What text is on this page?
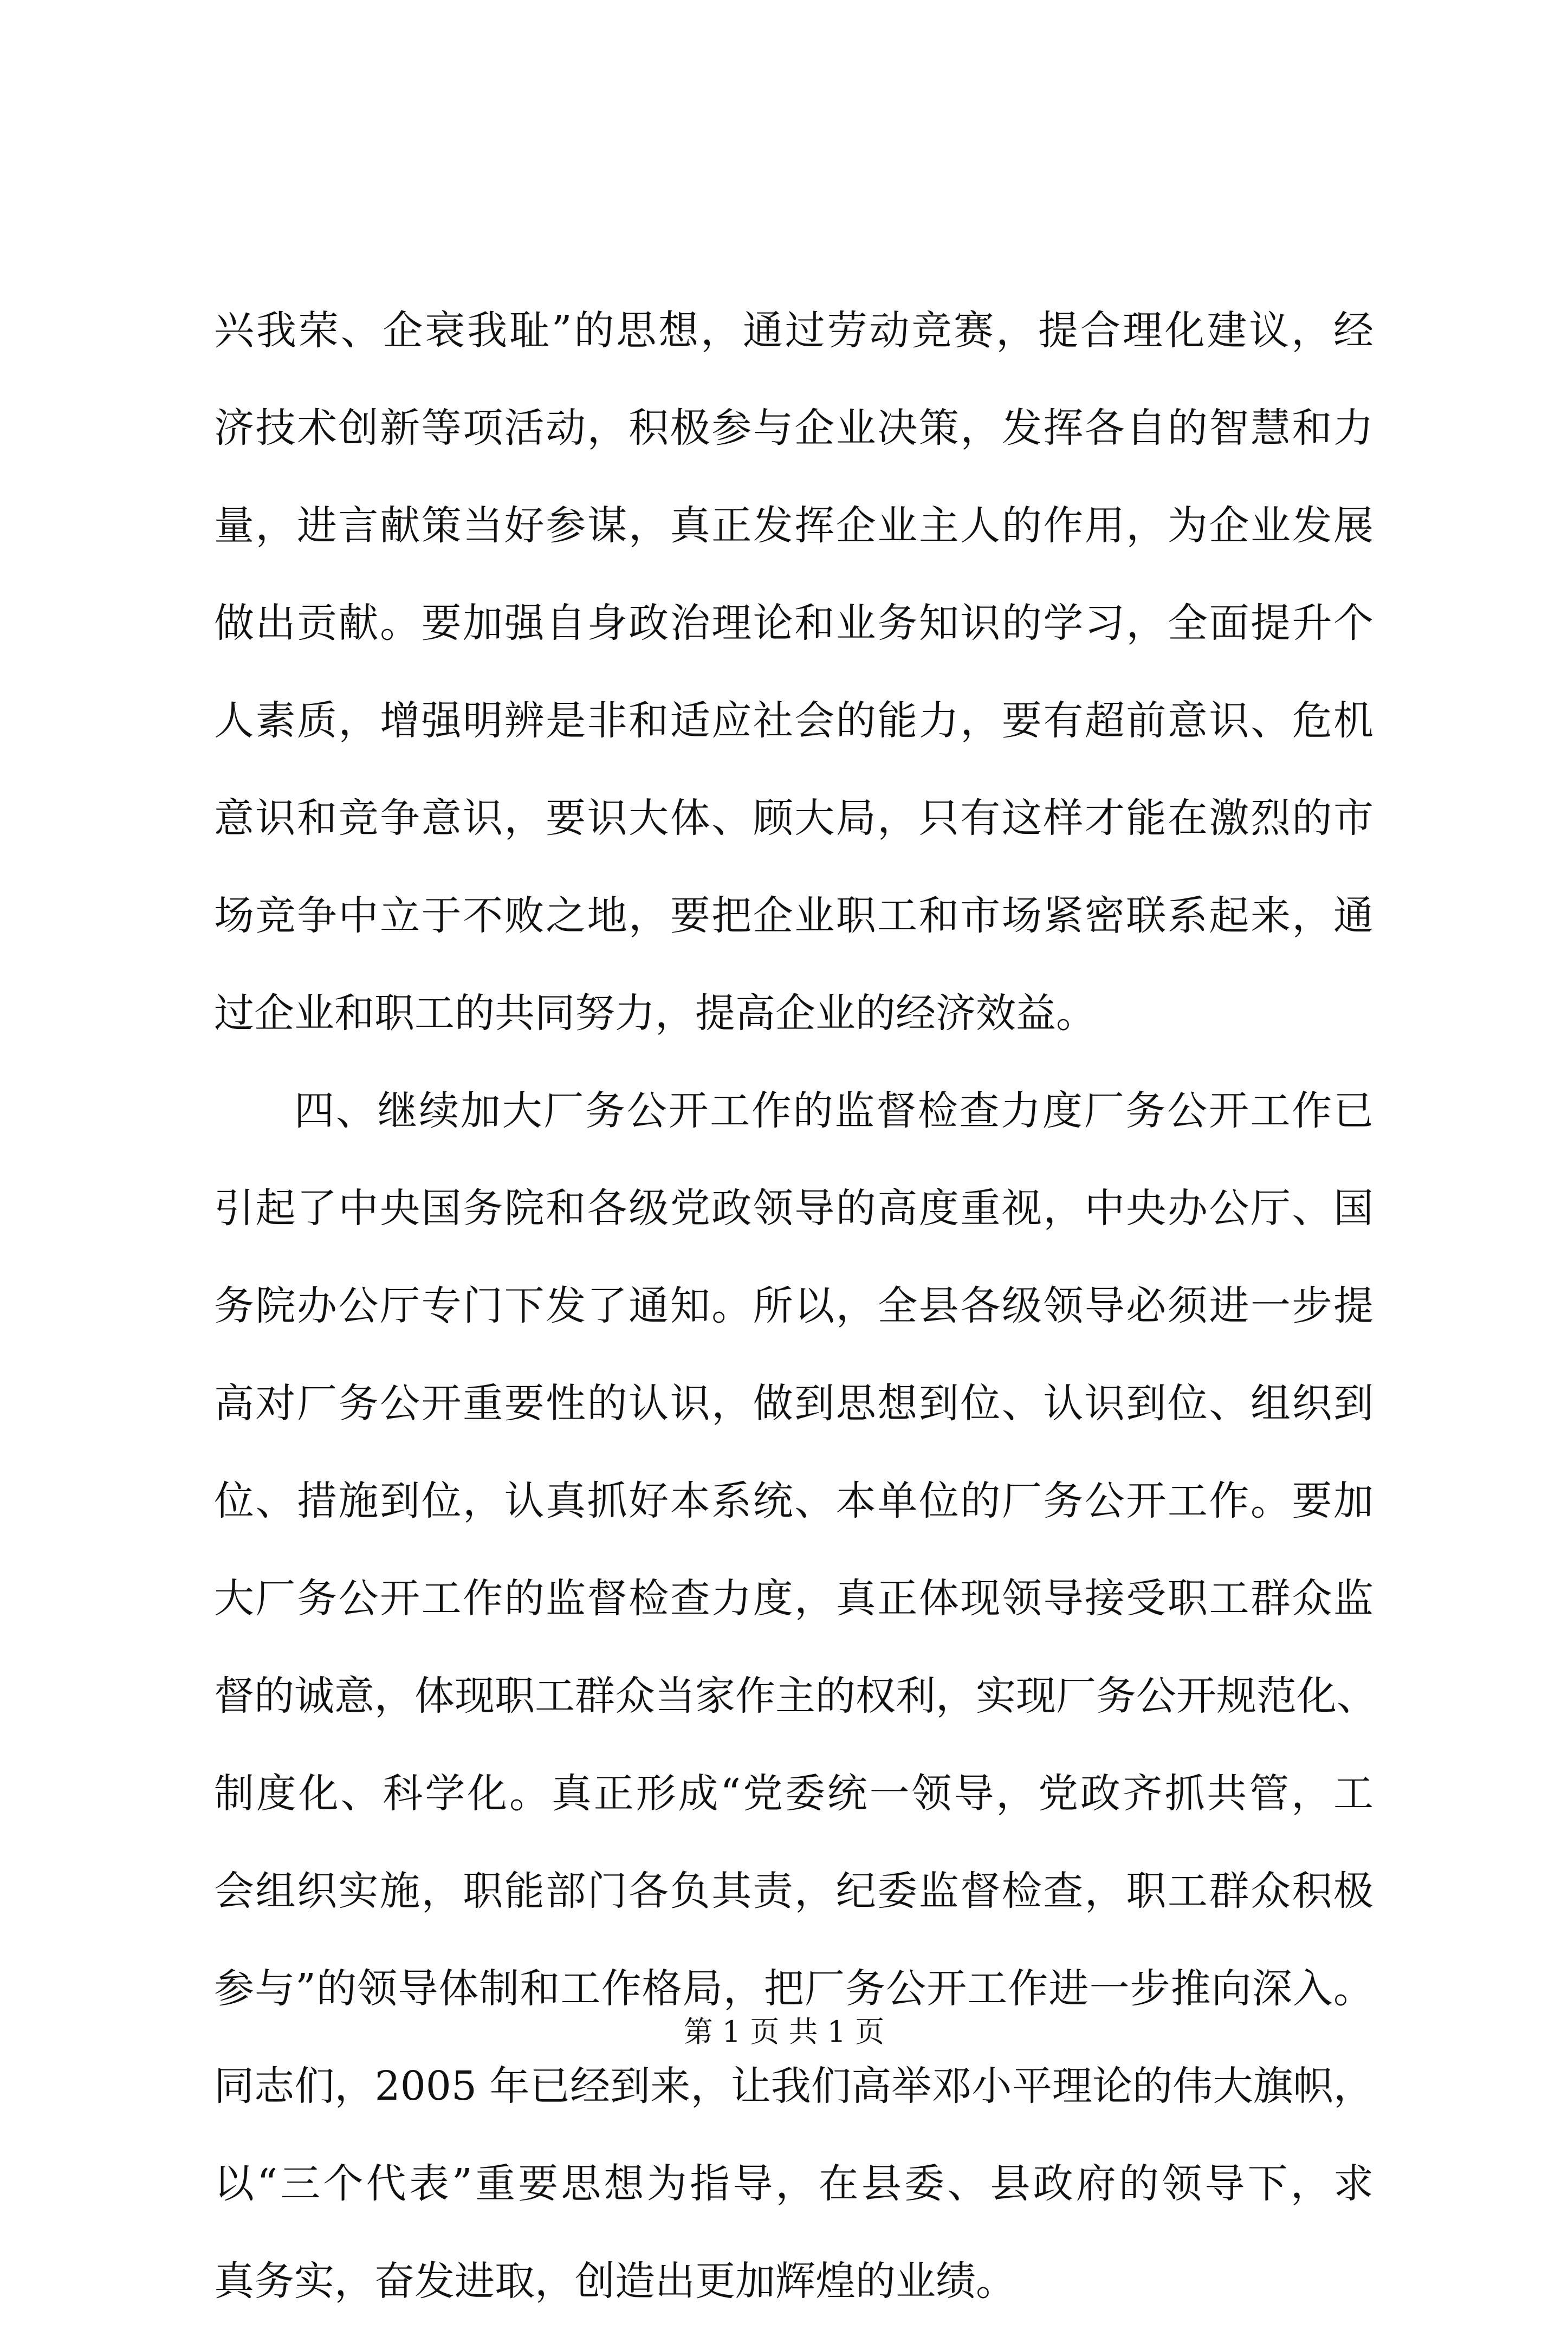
兴我荣、企衰我耻”的思想，通过劳动竞赛，提合理化建议，经
济技术创新等项活动，积极参与企业决策，发挥各自的智慧和力
量，进言献策当好参谋，真正发挥企业主人的作用，为企业发展
做出贡献。要加强自身政治理论和业务知识的学习，全面提升个
人素质，增强明辨是非和适应社会的能力，要有超前意识、危机
意识和竞争意识，要识大体、顾大局，只有这样才能在激烈的市
场竞争中立于不败之地，要把企业职工和市场紧密联系起来，通
过企业和职工的共同努力，提高企业的经济效益。
四、继续加大厂务公开工作的监督检查力度厂务公开工作已
引起了中央国务院和各级党政领导的高度重视，中央办公厅、国
务院办公厅专门下发了通知。所以，全县各级领导必须进一步提
高对厂务公开重要性的认识，做到思想到位、认识到位、组织到
位、措施到位，认真抓好本系统、本单位的厂务公开工作。要加
大厂务公开工作的监督检查力度，真正体现领导接受职工群众监
督的诚意，体现职工群众当家作主的权利，实现厂务公开规范化、
制度化、科学化。真正形成“党委统一领导，党政齐抓共管，工
会组织实施，职能部门各负其责，纪委监督检查，职工群众积极
参与”的领导体制和工作格局，把厂务公开工作进一步推向深入。
同志们，2005 年已经到来，让我们高举邓小平理论的伟大旗帜，
以“三个代表”重要思想为指导，在县委、县政府的领导下，求
真务实，奋发进取，创造出更加辉煌的业绩。
第 1 页 共 1 页
